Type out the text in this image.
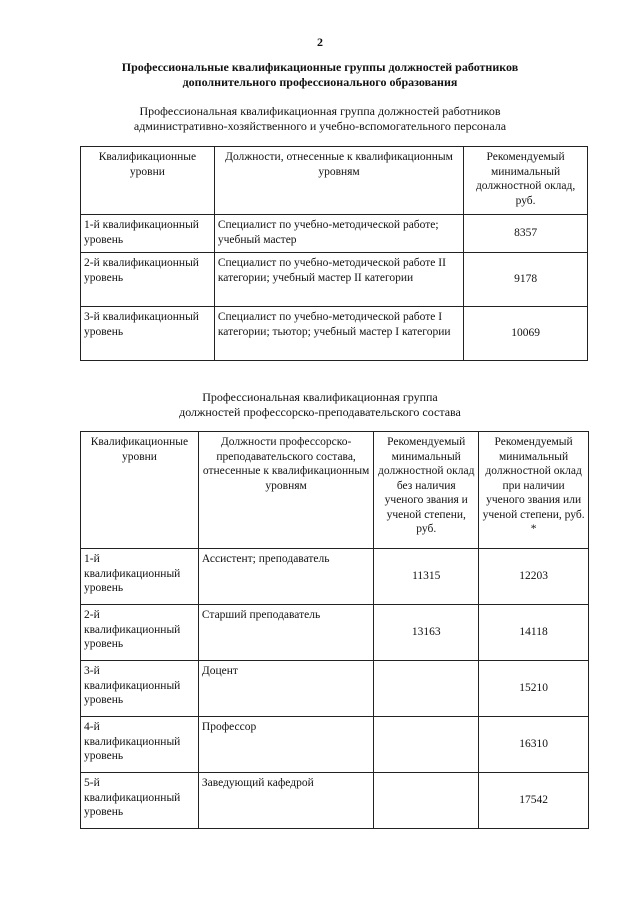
2
Профессиональные квалификационные группы должностей работников
дополнительного профессионального образования
Профессиональная квалификационная группа должностей работников
административно-хозяйственного и учебно-вспомогательного персонала
Квалификационные уровни	Должности, отнесенные к квалификационным уровням	Рекомендуемый минимальный должностной оклад, руб.
1-й квалификационный уровень	Специалист по учебно-методической работе; учебный мастер	8357
2-й квалификационный уровень	Специалист по учебно-методической работе II категории; учебный мастер II категории	9178
3-й квалификационный уровень	Специалист по учебно-методической работе I категории; тьютор; учебный мастер I категории	10069
Профессиональная квалификационная группа
должностей профессорско-преподавательского состава
Квалификационные уровни	Должности профессорско-преподавательского состава, отнесенные к квалификационным уровням	Рекомендуемый минимальный должностной оклад без наличия ученого звания и ученой степени, руб.	Рекомендуемый минимальный должностной оклад при наличии ученого звания или ученой степени, руб. *
1-й квалификационный уровень	Ассистент; преподаватель	11315	12203
2-й квалификационный уровень	Старший преподаватель	13163	14118
3-й квалификационный уровень	Доцент		15210
4-й квалификационный уровень	Профессор		16310
5-й квалификационный уровень	Заведующий кафедрой		17542
